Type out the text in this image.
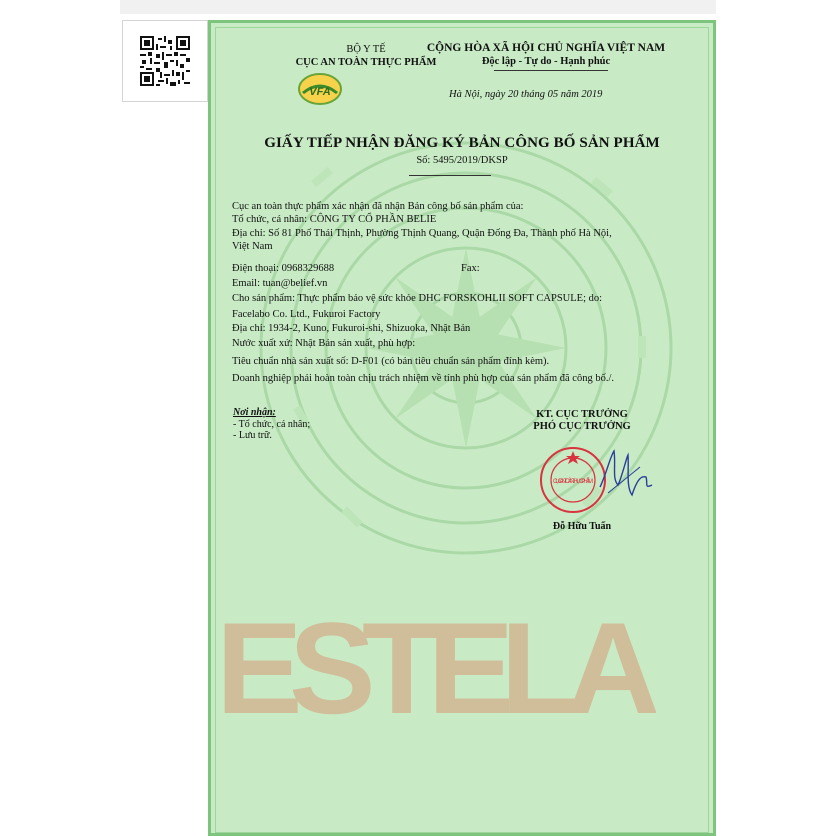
ESTELA
BỘ Y TẾ
CỤC AN TOÀN THỰC PHẨM
VFA
CỘNG HÒA XÃ HỘI CHỦ NGHĨA VIỆT NAM
Độc lập - Tự do - Hạnh phúc
Hà Nội, ngày 20 tháng 05 năm 2019
GIẤY TIẾP NHẬN ĐĂNG KÝ BẢN CÔNG BỐ SẢN PHẨM
Số: 5495/2019/DKSP
Cục an toàn thực phẩm xác nhận đã nhận Bản công bố sản phẩm của:
Tổ chức, cá nhân: CÔNG TY CỔ PHẦN BELIE
Địa chỉ: Số 81 Phố Thái Thịnh, Phường Thịnh Quang, Quận Đống Đa, Thành phố Hà Nội,
Việt Nam
Điện thoại: 0968329688	Fax:
Email: tuan@belief.vn
Cho sản phẩm: Thực phẩm bảo vệ sức khỏe DHC FORSKOHLII SOFT CAPSULE; do:
Facelabo Co. Ltd., Fukuroi Factory
Địa chỉ: 1934-2, Kuno, Fukuroi-shi, Shizuoka, Nhật Bản
Nước xuất xứ: Nhật Bản sản xuất, phù hợp:
Tiêu chuẩn nhà sản xuất số: D-F01 (có bản tiêu chuẩn sản phẩm đính kèm).
Doanh nghiệp phải hoàn toàn chịu trách nhiệm về tính phù hợp của sản phẩm đã công bố./.
Nơi nhận:
- Tổ chức, cá nhân;
- Lưu trữ.
KT. CỤC TRƯỞNG
PHÓ CỤC TRƯỞNG
CỤC AN TOÀN THỰC PHẨM
Đỗ Hữu Tuấn
